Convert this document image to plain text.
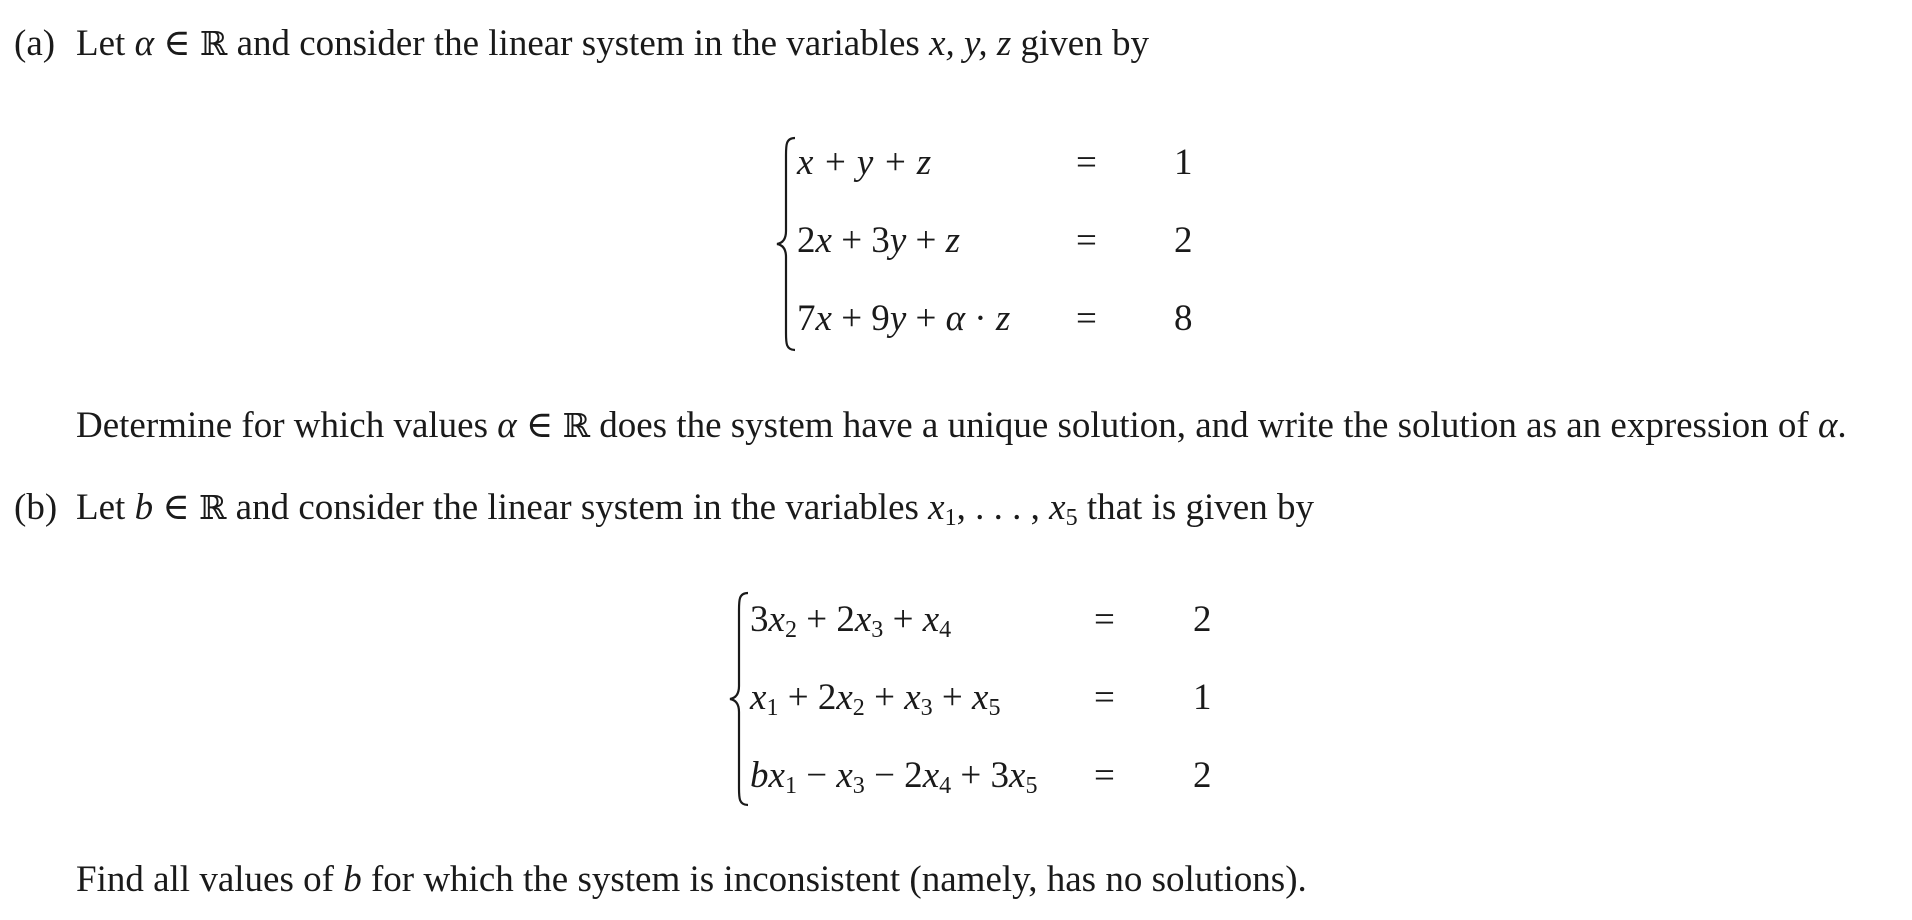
(a) Let α ∈ ℝ and consider the linear system in the variables x, y, z given by
x + y + z	= 1
2x + 3y + z	= 2
7x + 9y + α · z = 8
Determine for which values α ∈ ℝ does the system have a unique solution, and write the solution as an expression of α.
(b) Let b ∈ ℝ and consider the linear system in the variables $x_1$, . . . , $x_5$ that is given by
$3x_2 + 2x_3 + x_4$	= 2
$x_1 + 2x_2 + x_3 + x_5$	= 1
$bx_1 - x_3 - 2x_4 + 3x_5 = 2$
Find all values of b for which the system is inconsistent (namely, has no solutions).
